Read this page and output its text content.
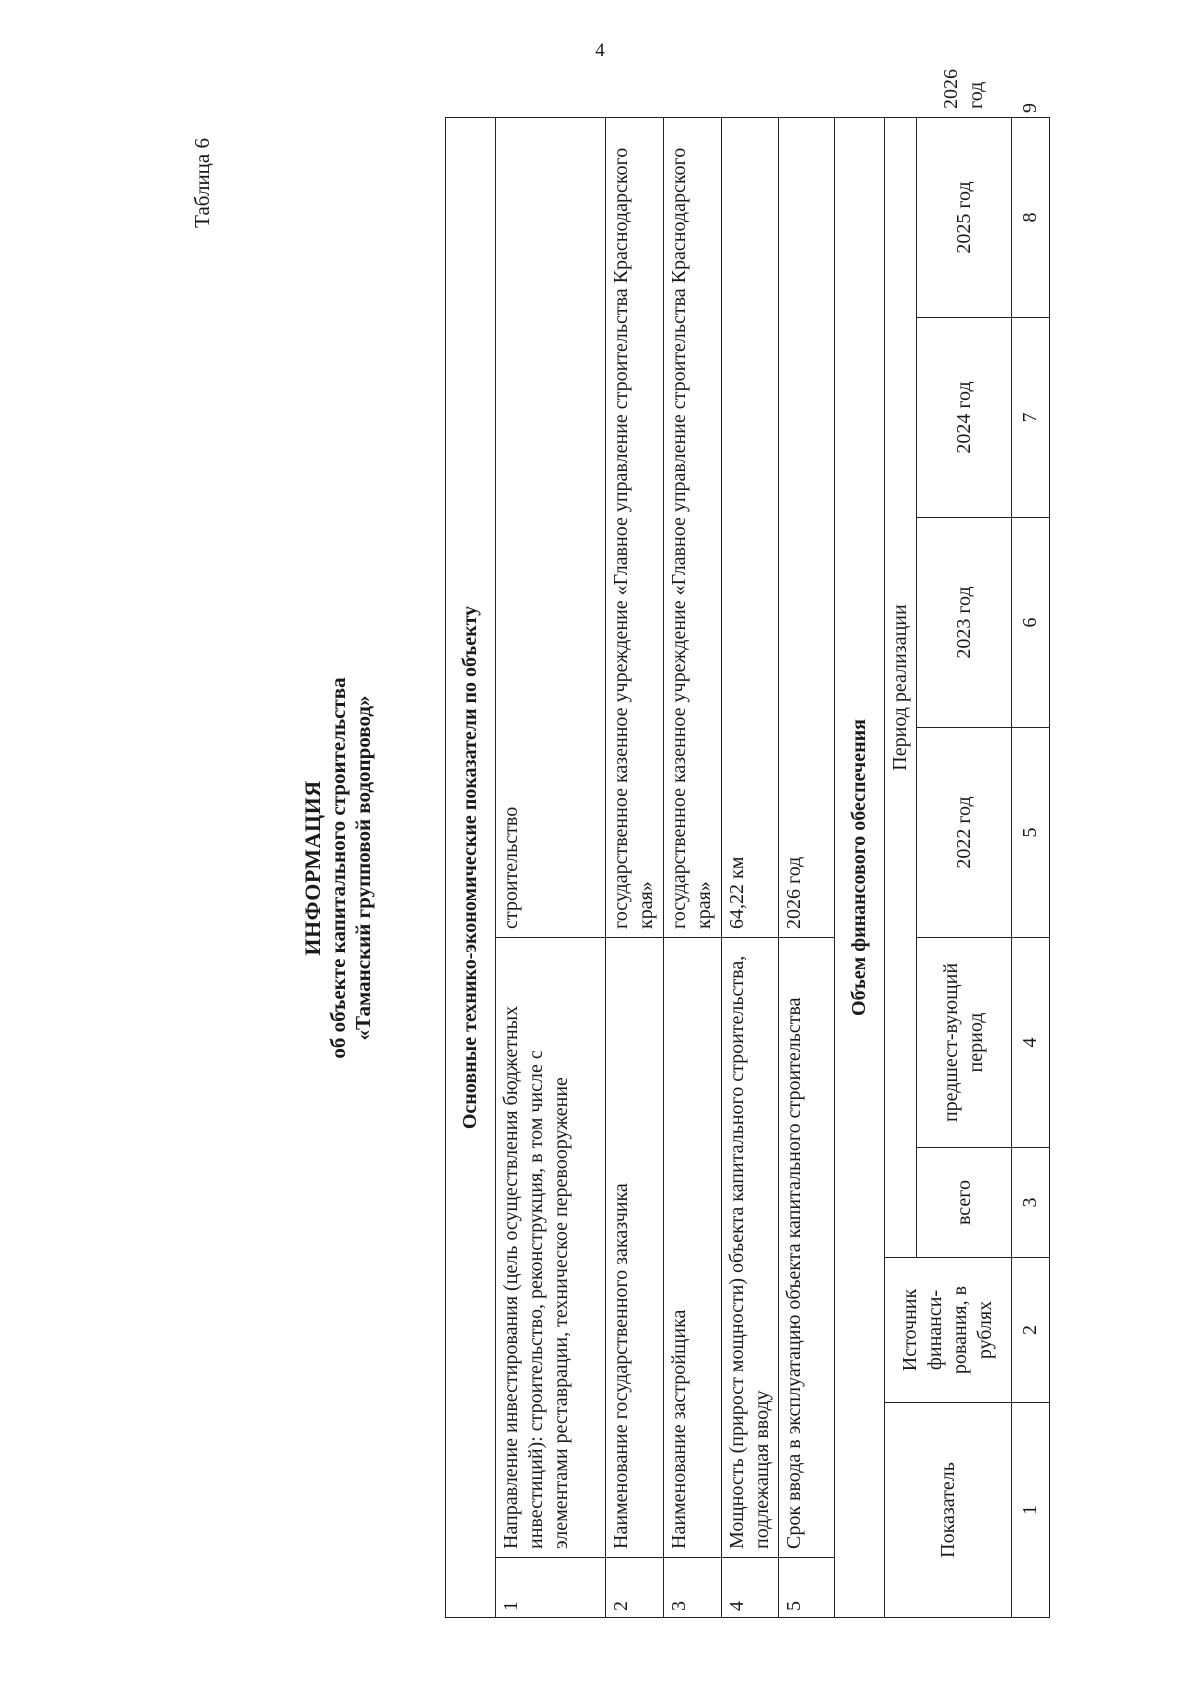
4
Таблица 6
ИНФОРМАЦИЯ об объекте капитального строительства «Таманский групповой водопровод»	Основные технико-экономические показатели по объекту									
1	Направление инвестирования (цель осуществления бюджетных инвестиций): строительство, реконструкция, в том числе с элементами реставрации, техническое перевооружение				строительство				
2	Наименование государственного заказчика				государственное казенное учреждение «Главное управление строительства Краснодарского края»				
3	Наименование застройщика				государственное казенное учреждение «Главное управление строительства Краснодарского края»				
4	Мощность (прирост мощности) объекта капитального строительства, подлежащая вводу				64,22 км				
5	Срок ввода в эксплуатацию объекта капитального строительства				2026 год				
Объем финансового обеспечения									
Показатель		Источник финанси-рования, в рублях	Период реализации						
			всего	предшест-вующий период	2022 год	2023 год	2024 год	2025 год	2026 год
1		2	3	4	5	6	7	8	9
